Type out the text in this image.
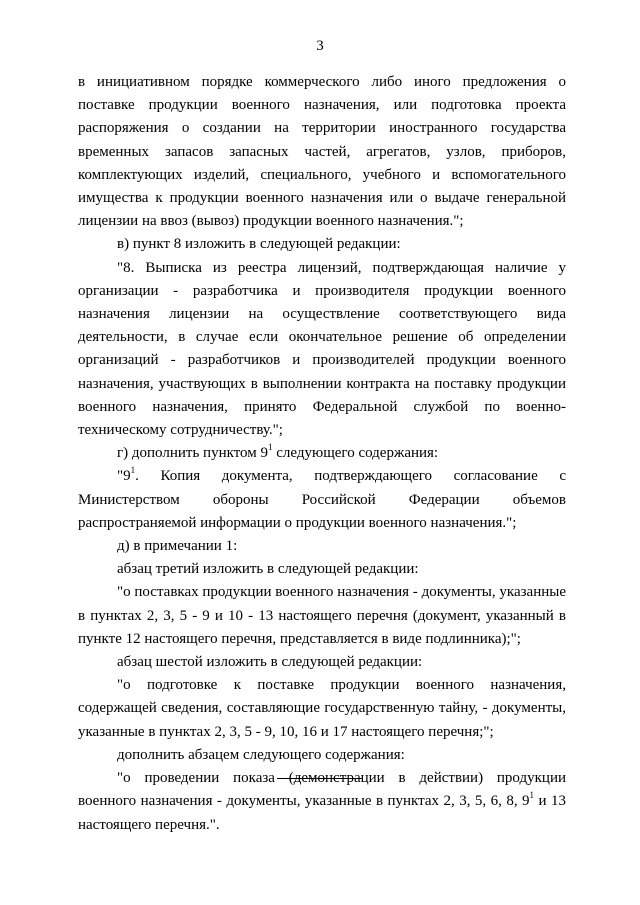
3

в инициативном порядке коммерческого либо иного предложения о поставке продукции военного назначения, или подготовка проекта распоряжения о создании на территории иностранного государства временных запасов запасных частей, агрегатов, узлов, приборов, комплектующих изделий, специального, учебного и вспомогательного имущества к продукции военного назначения или о выдаче генеральной лицензии на ввоз (вывоз) продукции военного назначения.";

в) пункт 8 изложить в следующей редакции:

"8. Выписка из реестра лицензий, подтверждающая наличие у организации - разработчика и производителя продукции военного назначения лицензии на осуществление соответствующего вида деятельности, в случае если окончательное решение об определении организаций - разработчиков и производителей продукции военного назначения, участвующих в выполнении контракта на поставку продукции военного назначения, принято Федеральной службой по военно-техническому сотрудничеству.";

г) дополнить пунктом $9^1$ следующего содержания:

"$9^1$. Копия документа, подтверждающего согласование с Министерством обороны Российской Федерации объемов распространяемой информации о продукции военного назначения.";

д) в примечании 1:

абзац третий изложить в следующей редакции:

"о поставках продукции военного назначения - документы, указанные в пунктах 2, 3, 5 - 9 и 10 - 13 настоящего перечня (документ, указанный в пункте 12 настоящего перечня, представляется в виде подлинника);";

абзац шестой изложить в следующей редакции:

"о подготовке к поставке продукции военного назначения, содержащей сведения, составляющие государственную тайну, - документы, указанные в пунктах 2, 3, 5 - 9, 10, 16 и 17 настоящего перечня;";

дополнить абзацем следующего содержания:

"о проведении показа (демонстрации в действии) продукции военного назначения - документы, указанные в пунктах 2, 3, 5, 6, 8, $9^1$ и 13 настоящего перечня.".
